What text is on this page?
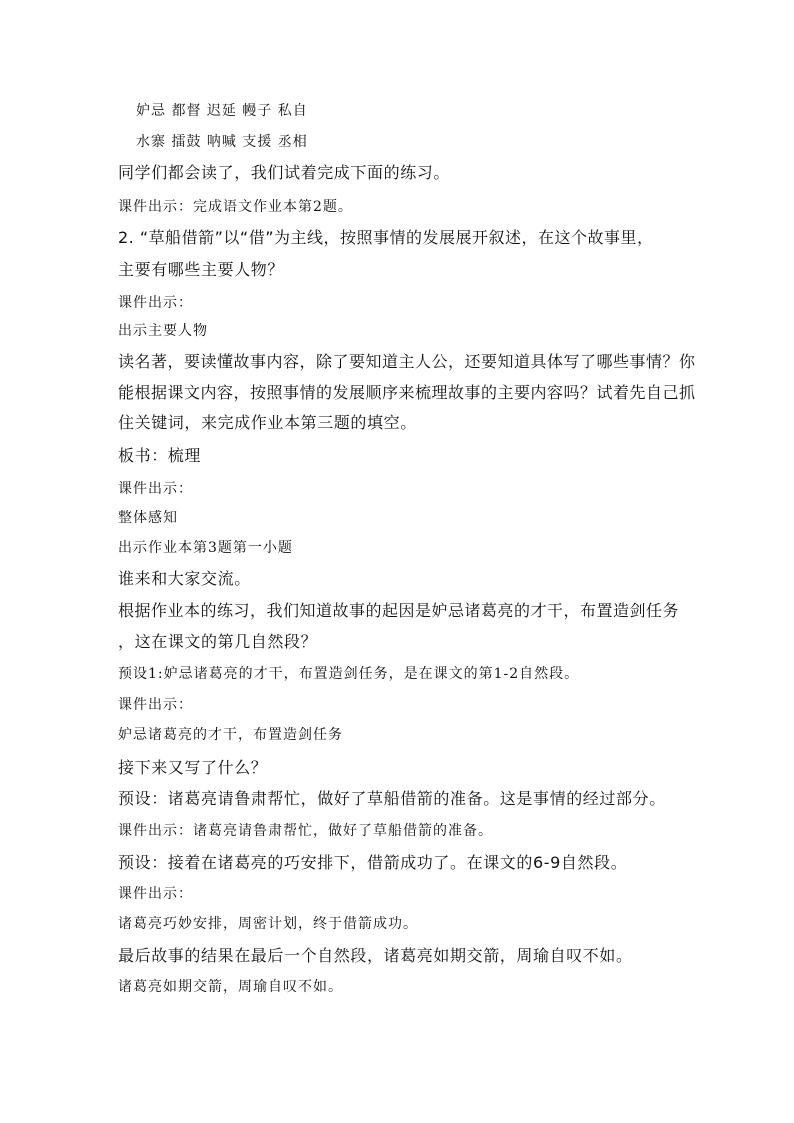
妒忌 都督 迟延 幔子 私自
水寨 擂鼓 呐喊 支援 丞相
同学们都会读了，我们试着完成下面的练习。
课件出示：完成语文作业本第2题。
2. “草船借箭”以“借”为主线，按照事情的发展展开叙述，在这个故事里，
主要有哪些主要人物？
课件出示：
出示主要人物
读名著，要读懂故事内容，除了要知道主人公，还要知道具体写了哪些事情？你
能根据课文内容，按照事情的发展顺序来梳理故事的主要内容吗？试着先自己抓
住关键词，来完成作业本第三题的填空。
板书：梳理
课件出示：
整体感知
出示作业本第3题第一小题
谁来和大家交流。
根据作业本的练习，我们知道故事的起因是妒忌诸葛亮的才干，布置造剑任务
，这在课文的第几自然段？
预设1:妒忌诸葛亮的才干，布置造剑任务，是在课文的第1-2自然段。
课件出示：
妒忌诸葛亮的才干，布置造剑任务
接下来又写了什么？
预设：诸葛亮请鲁肃帮忙，做好了草船借箭的准备。这是事情的经过部分。
课件出示：诸葛亮请鲁肃帮忙，做好了草船借箭的准备。
预设：接着在诸葛亮的巧安排下，借箭成功了。在课文的6-9自然段。
课件出示：
诸葛亮巧妙安排，周密计划，终于借箭成功。
最后故事的结果在最后一个自然段，诸葛亮如期交箭，周瑜自叹不如。
诸葛亮如期交箭，周瑜自叹不如。
